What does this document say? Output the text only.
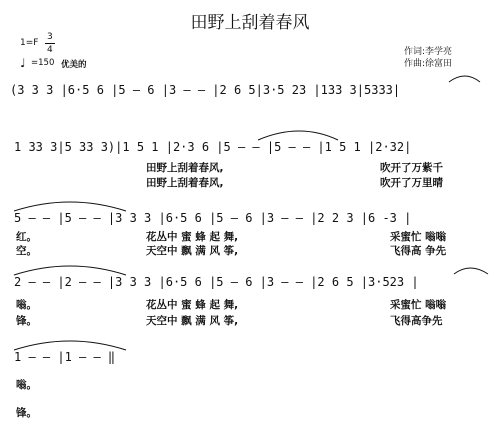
田野上刮着春风
1=F
3
4
♩ =150 优美的
作词:李学亮
作曲:徐富田
(3 3 3 |6·5 6 |5 — 6 |3 — — |2 6 5|3·5 23 |133 3|5333|
1 33 3|5 33 3)|1 5 1 |2·3 6 |5 — — |5 — — |1 5 1 |2·32|
5 — — |5 — — |3 3 3 |6·5 6 |5 — 6 |3 — — |2 2 3 |6 -3 |
2 — — |2 — — |3 3 3 |6·5 6 |5 — 6 |3 — — |2 6 5 |3·523 |
1 — — |1 — — ‖
田野上刮着春风,	吹开了万紫千
田野上刮着春风,	吹开了万里晴
红。
空。
花丛中 蜜 蜂 起 舞,
天空中 飘 满 风 筝,
采蜜忙 嗡嗡
飞得高 争先
嗡。
锋。
花丛中 蜜 蜂 起 舞,
天空中 飘 满 风 筝,
采蜜忙 嗡嗡
飞得高争先
嗡。
锋。
